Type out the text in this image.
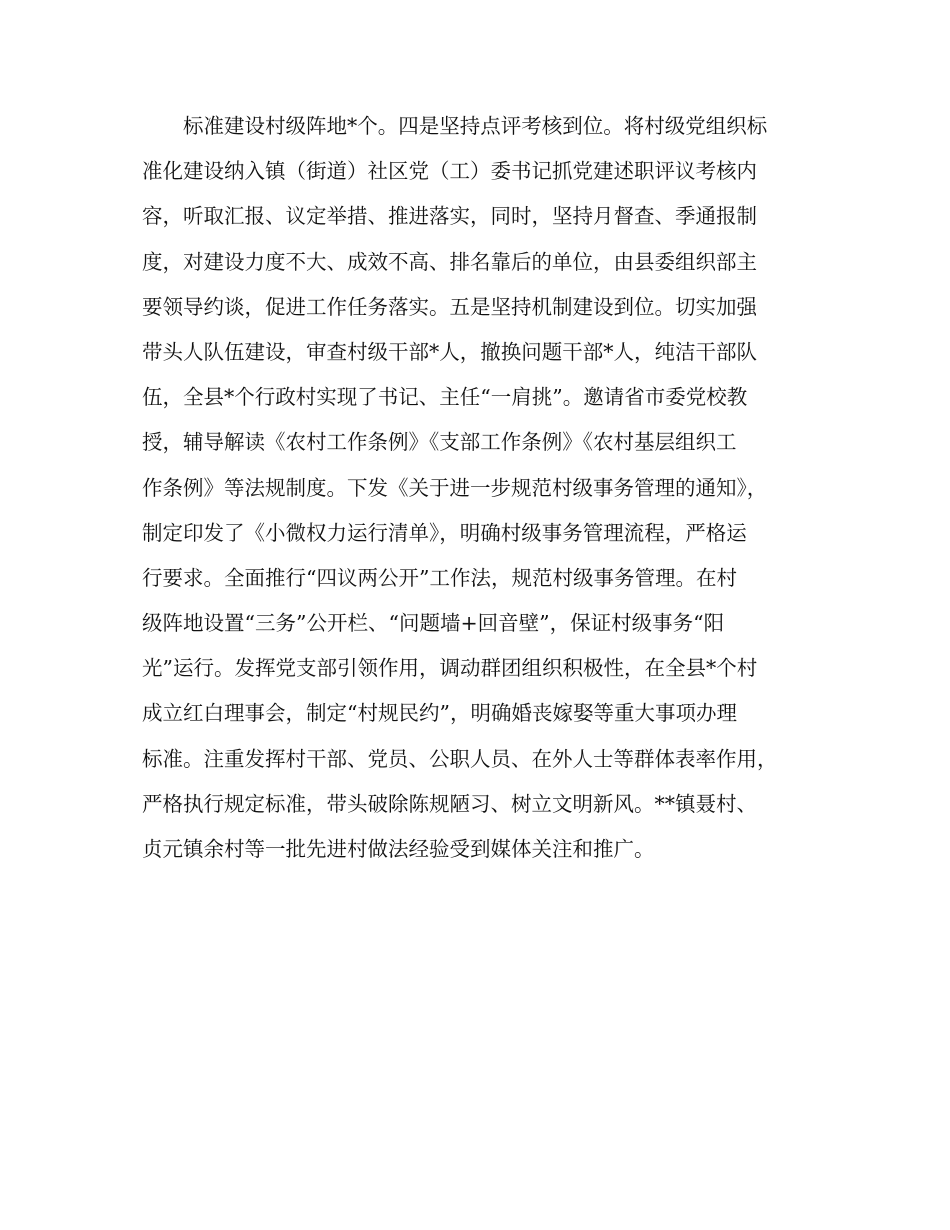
标准建设村级阵地*个。四是坚持点评考核到位。将村级党组织标
准化建设纳入镇（街道）社区党（工）委书记抓党建述职评议考核内
容，听取汇报、议定举措、推进落实，同时，坚持月督查、季通报制
度，对建设力度不大、成效不高、排名靠后的单位，由县委组织部主
要领导约谈，促进工作任务落实。五是坚持机制建设到位。切实加强
带头人队伍建设，审查村级干部*人，撤换问题干部*人，纯洁干部队
伍，全县*个行政村实现了书记、主任“一肩挑”。邀请省市委党校教
授，辅导解读《农村工作条例》《支部工作条例》《农村基层组织工
作条例》等法规制度。下发《关于进一步规范村级事务管理的通知》，
制定印发了《小微权力运行清单》，明确村级事务管理流程，严格运
行要求。全面推行“四议两公开”工作法，规范村级事务管理。在村
级阵地设置“三务”公开栏、“问题墙+回音壁”，保证村级事务“阳
光”运行。发挥党支部引领作用，调动群团组织积极性，在全县*个村
成立红白理事会，制定“村规民约”，明确婚丧嫁娶等重大事项办理
标准。注重发挥村干部、党员、公职人员、在外人士等群体表率作用，
严格执行规定标准，带头破除陈规陋习、树立文明新风。**镇聂村、
贞元镇余村等一批先进村做法经验受到媒体关注和推广。
